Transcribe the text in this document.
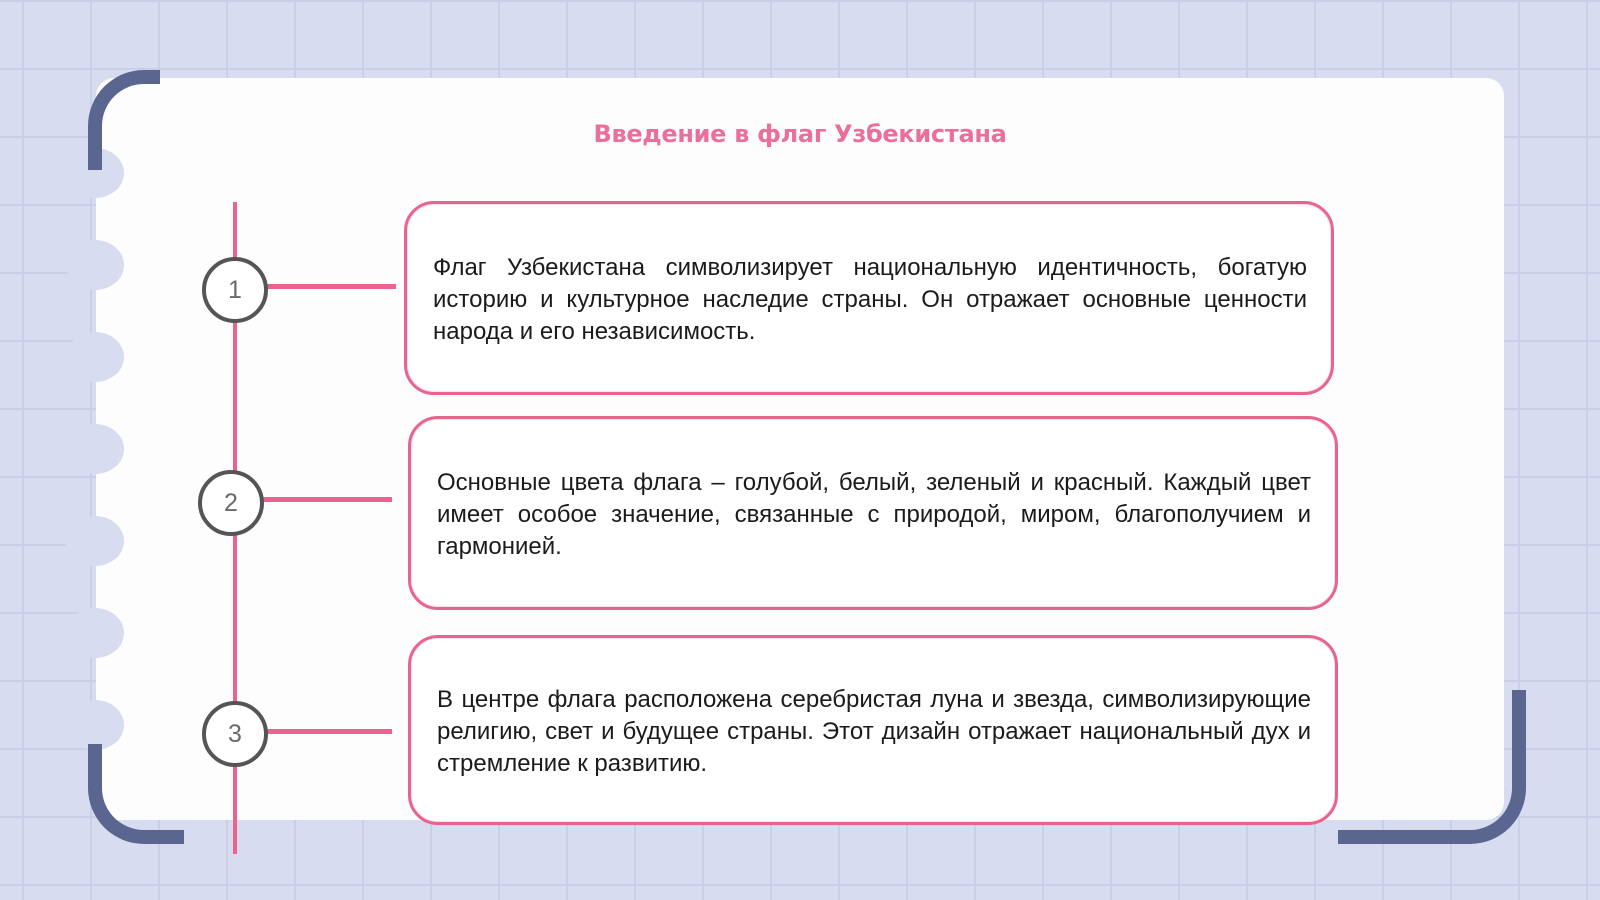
Введение в флаг Узбекистана
1
Флаг Узбекистана символизирует национальную идентичность, богатую историю и культурное наследие страны. Он отражает основные ценности народа и его независимость.
2
Основные цвета флага – голубой, белый, зеленый и красный. Каждый цвет имеет особое значение, связанные с природой, миром, благополучием и гармонией.
3
В центре флага расположена серебристая луна и звезда, символизирующие религию, свет и будущее страны. Этот дизайн отражает национальный дух и стремление к развитию.
